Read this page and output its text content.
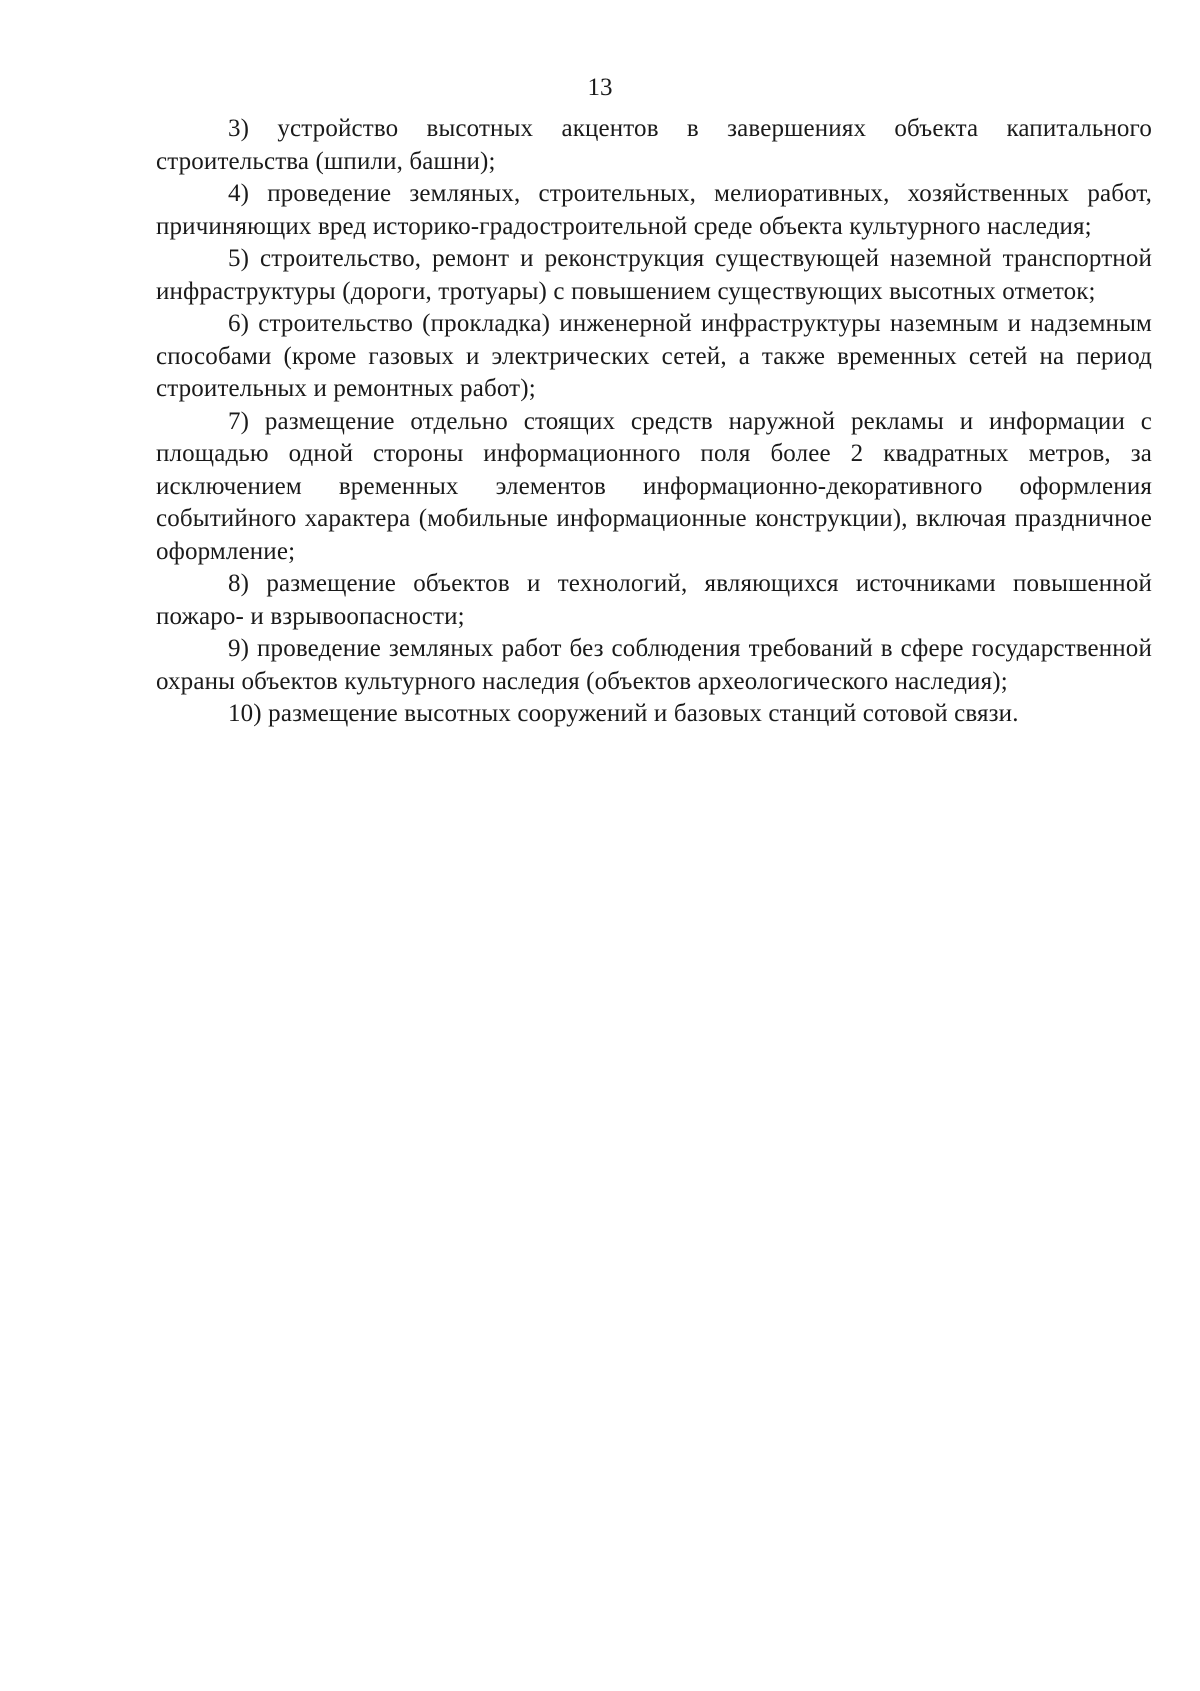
13

3) устройство высотных акцентов в завершениях объекта капитального строительства (шпили, башни);

4) проведение земляных, строительных, мелиоративных, хозяйственных работ, причиняющих вред историко-градостроительной среде объекта культурного наследия;

5) строительство, ремонт и реконструкция существующей наземной транспортной инфраструктуры (дороги, тротуары) с повышением существующих высотных отметок;

6) строительство (прокладка) инженерной инфраструктуры наземным и надземным способами (кроме газовых и электрических сетей, а также временных сетей на период строительных и ремонтных работ);

7) размещение отдельно стоящих средств наружной рекламы и информации с площадью одной стороны информационного поля более 2 квадратных метров, за исключением временных элементов информационно-декоративного оформления событийного характера (мобильные информационные конструкции), включая праздничное оформление;

8) размещение объектов и технологий, являющихся источниками повышенной пожаро- и взрывоопасности;

9) проведение земляных работ без соблюдения требований в сфере государственной охраны объектов культурного наследия (объектов археологического наследия);

10) размещение высотных сооружений и базовых станций сотовой связи.
